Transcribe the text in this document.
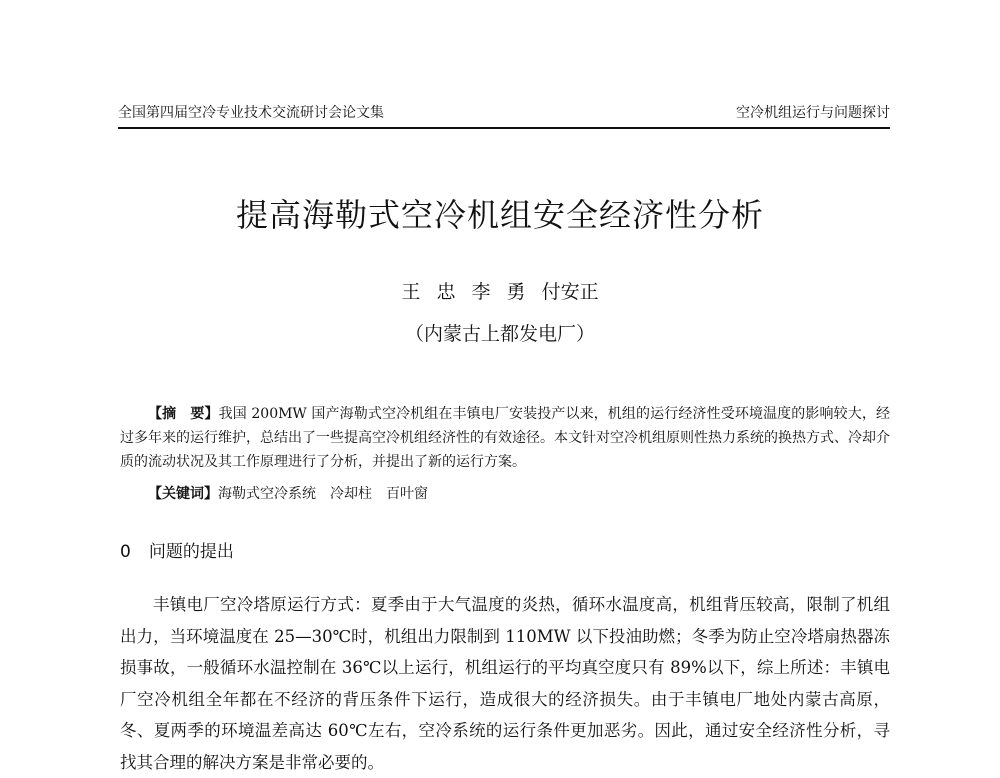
全国第四届空冷专业技术交流研讨会论文集	空冷机组运行与问题探讨
提高海勒式空冷机组安全经济性分析
王 忠 李 勇 付安正
（内蒙古上都发电厂）

【摘　要】我国 200MW 国产海勒式空冷机组在丰镇电厂安装投产以来，机组的运行经济性受环境温度的影响较大，经过多年来的运行维护，总结出了一些提高空冷机组经济性的有效途径。本文针对空冷机组原则性热力系统的换热方式、冷却介质的流动状况及其工作原理进行了分析，并提出了新的运行方案。

【关键词】海勒式空冷系统 冷却柱 百叶窗
0 问题的提出

丰镇电厂空冷塔原运行方式：夏季由于大气温度的炎热，循环水温度高，机组背压较高，限制了机组出力，当环境温度在 25—30℃时，机组出力限制到 110MW 以下投油助燃；冬季为防止空冷塔扇热器冻损事故，一般循环水温控制在 36℃以上运行，机组运行的平均真空度只有 89%以下，综上所述：丰镇电厂空冷机组全年都在不经济的背压条件下运行，造成很大的经济损失。由于丰镇电厂地处内蒙古高原，冬、夏两季的环境温差高达 60℃左右，空冷系统的运行条件更加恶劣。因此，通过安全经济性分析，寻找其合理的解决方案是非常必要的。
